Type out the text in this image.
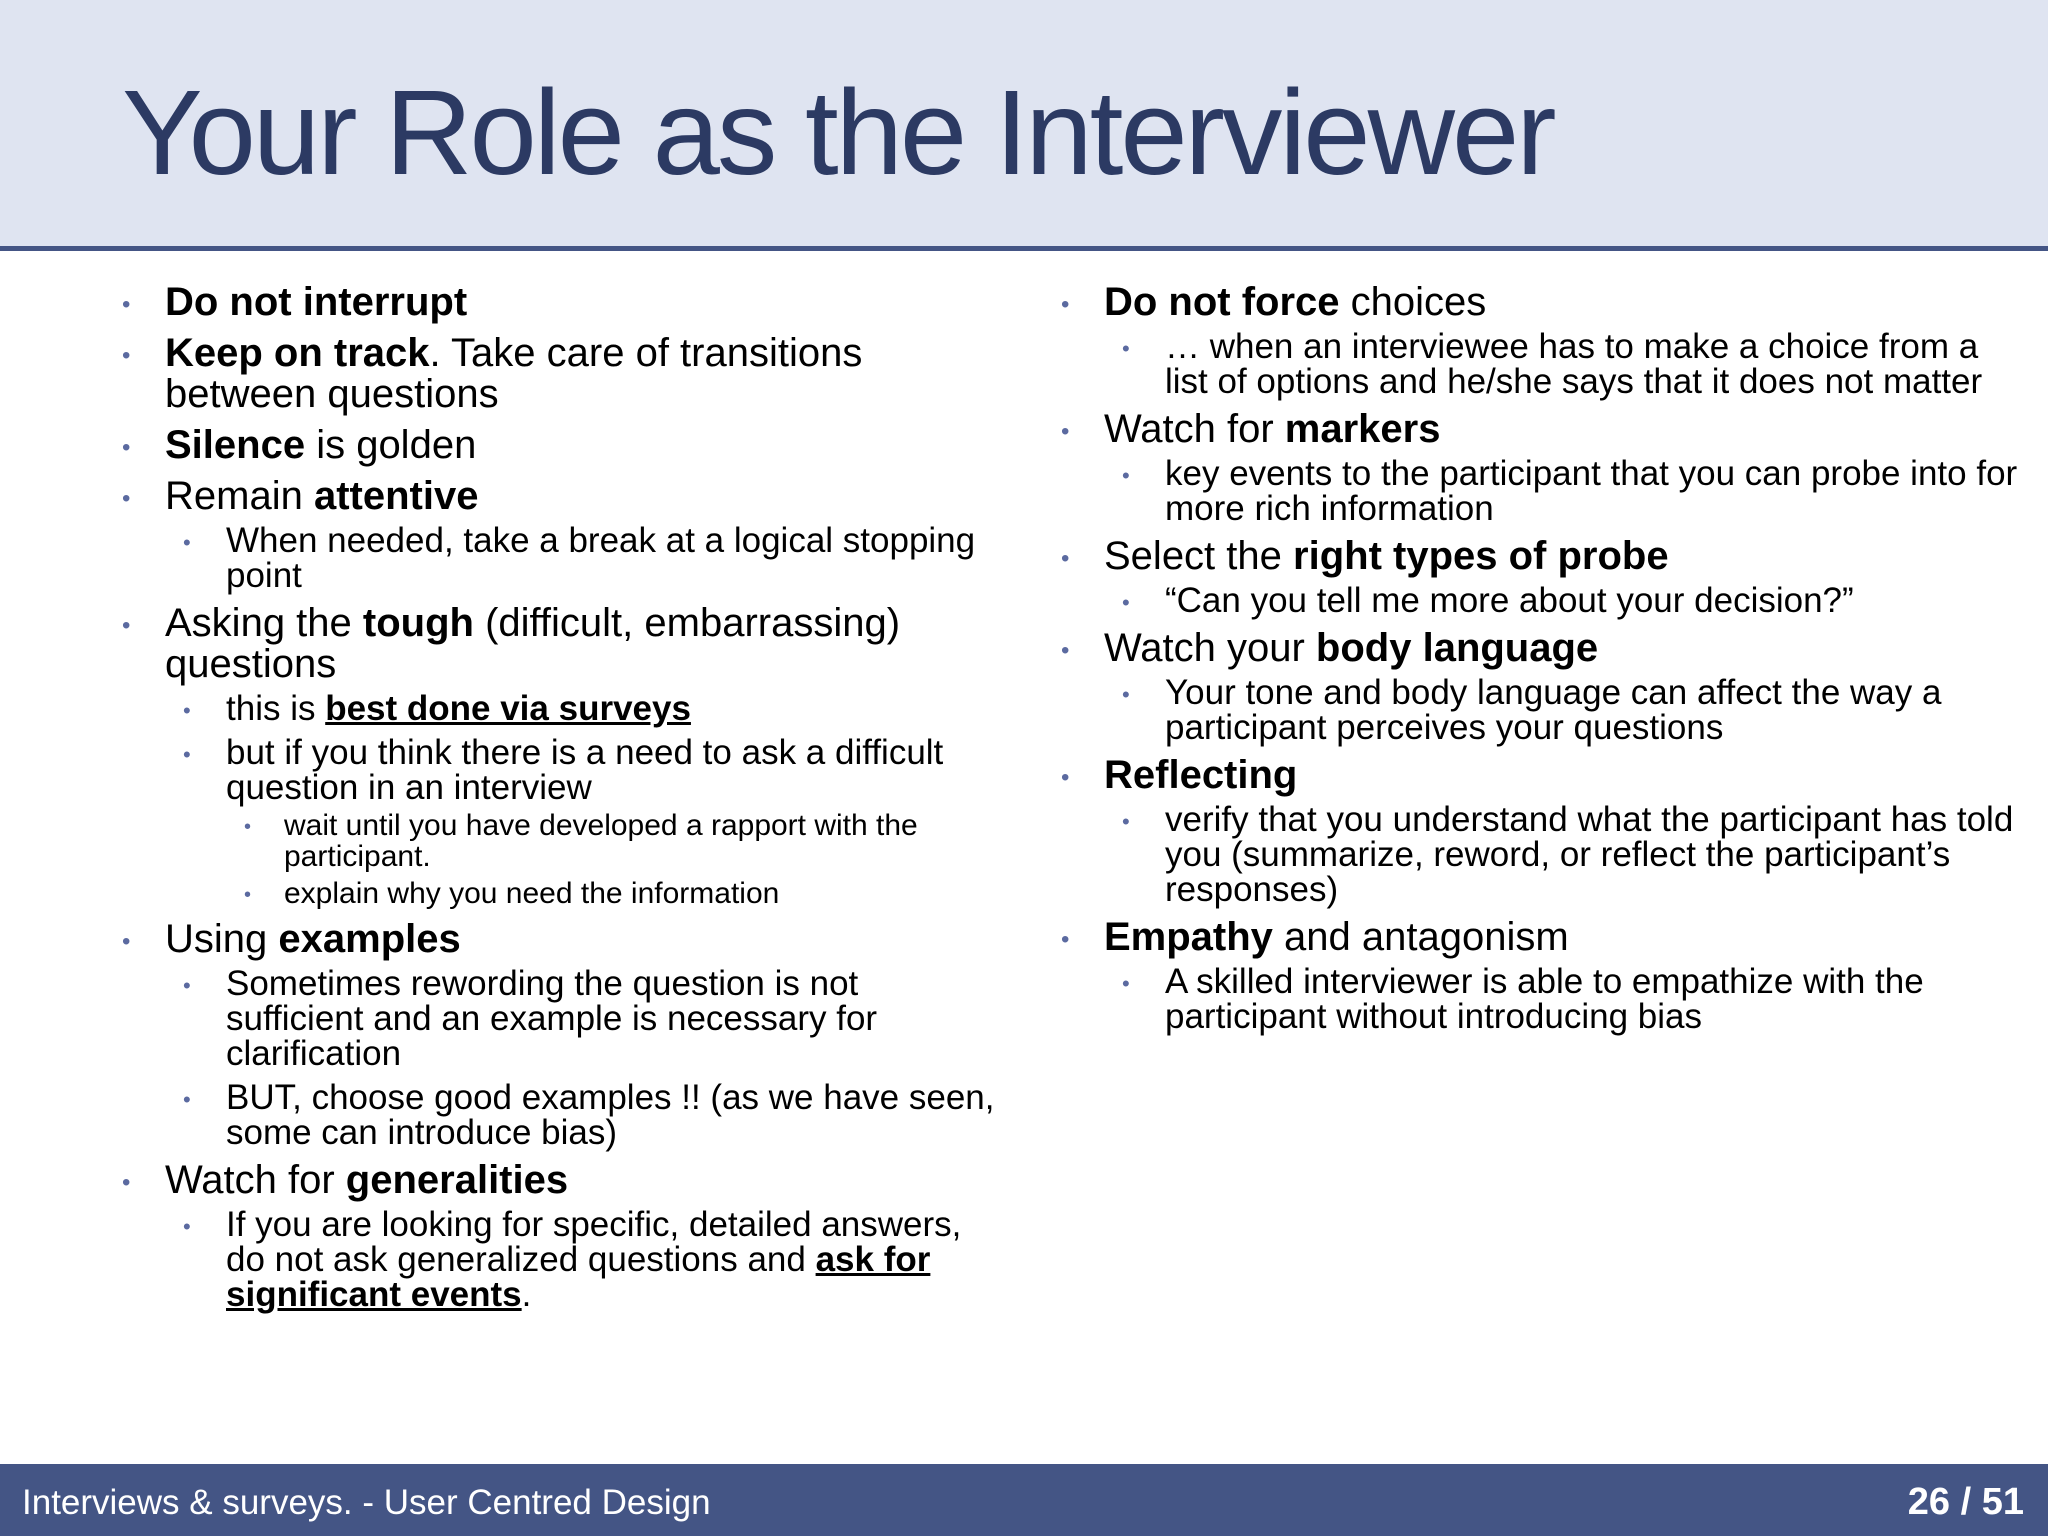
Your Role as the Interviewer
• Do not interrupt
• Keep on track. Take care of transitions between questions
• Silence is golden
• Remain attentive
• When needed, take a break at a logical stopping point
• Asking the tough (difficult, embarrassing) questions
• this is best done via surveys
• but if you think there is a need to ask a difficult question in an interview
• wait until you have developed a rapport with the participant.
• explain why you need the information
• Using examples
• Sometimes rewording the question is not sufficient and an example is necessary for clarification
• BUT, choose good examples !! (as we have seen, some can introduce bias)
• Watch for generalities
• If you are looking for specific, detailed answers, do not ask generalized questions and ask for significant events.
• Do not force choices
• … when an interviewee has to make a choice from a list of options and he/she says that it does not matter
• Watch for markers
• key events to the participant that you can probe into for more rich information
• Select the right types of probe
• “Can you tell me more about your decision?”
• Watch your body language
• Your tone and body language can affect the way a participant perceives your questions
• Reflecting
• verify that you understand what the participant has told you (summarize, reword, or reflect the participant’s responses)
• Empathy and antagonism
• A skilled interviewer is able to empathize with the participant without introducing bias
Interviews & surveys. - User Centred Design	26 / 51
